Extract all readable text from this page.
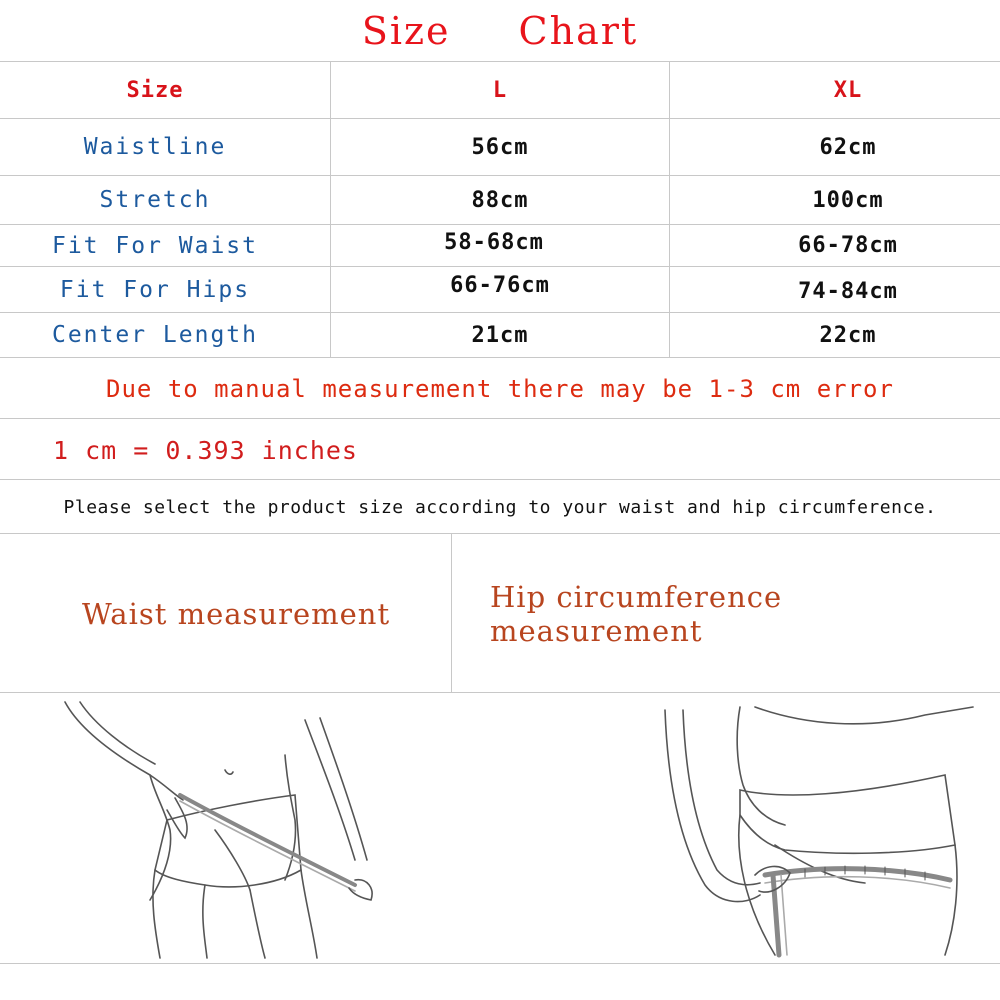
Size Chart
Size	L	XL
Waistline	56cm	62cm
Stretch	88cm	100cm
Fit For Waist	58-68cm	66-78cm
Fit For Hips	66-76cm	74-84cm
Center Length	21cm	22cm
Due to manual measurement there may be 1-3 cm error
1 cm = 0.393 inches
Please select the product size according to your waist and hip circumference.
Waist measurement	Hip circumference measurement
